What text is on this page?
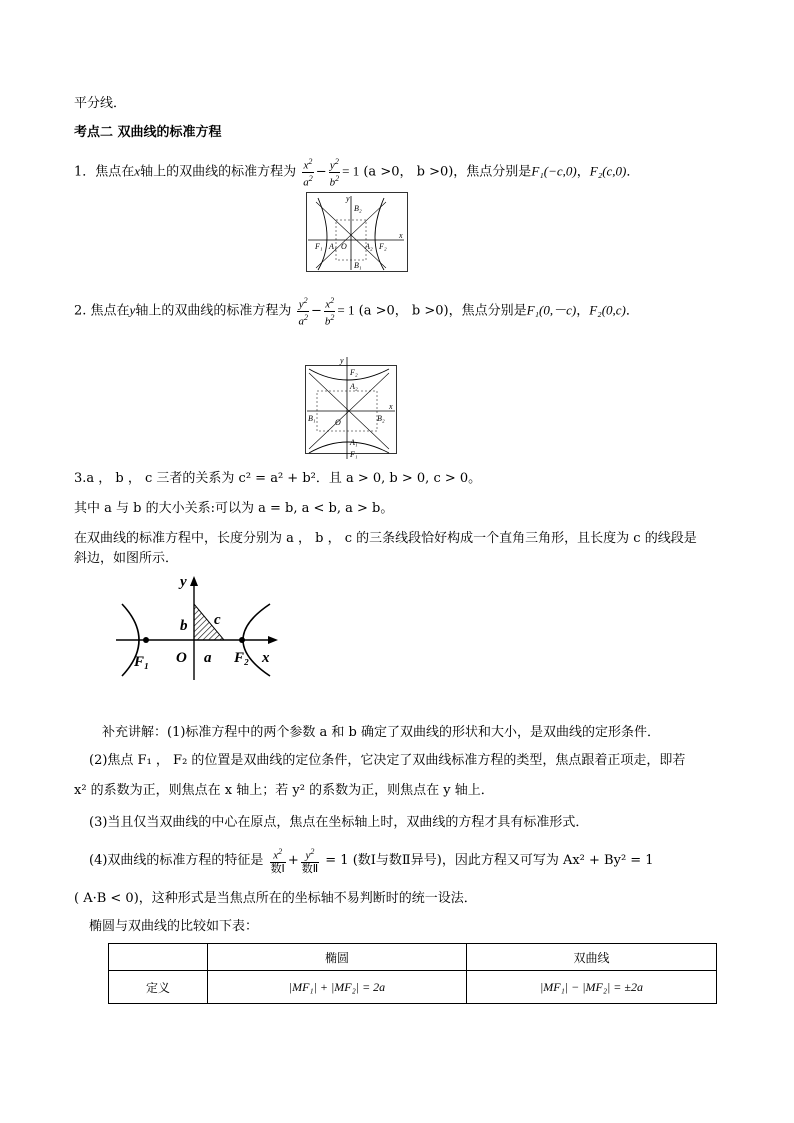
平分线．
考点二 双曲线的标准方程
1．焦点在x轴上的双曲线的标准方程为 $\frac{x^2}{a^2} - \frac{y^2}{b^2} = 1$ (a >0， b >0)，焦点分别是F₁(−c,0)，F₂(c,0)．
y
x
B₂
B₁
F₁ A₁ O A₂ F₂
2. 焦点在y轴上的双曲线的标准方程为 $\frac{y^2}{a^2} - \frac{x^2}{b^2} = 1$ (a >0， b >0)，焦点分别是F₁(0,－c)，F₂(0,c)．
y
x
F₂
A₂
B₁ O	B₂
A₁
F₁
3.a ， b ， c 三者的关系为 c² = a² + b²．且 a > 0, b > 0, c > 0。
其中 a 与 b 的大小关系:可以为 a = b, a < b, a > b。
在双曲线的标准方程中，长度分别为 a ， b ， c 的三条线段恰好构成一个直角三角形，且长度为 c 的线段是
斜边，如图所示．
y
x
b c
O a
F₁	F₂
补充讲解：(1)标准方程中的两个参数 a 和 b 确定了双曲线的形状和大小，是双曲线的定形条件．
(2)焦点 F₁ ， F₂ 的位置是双曲线的定位条件，它决定了双曲线标准方程的类型，焦点跟着正项走，即若
x² 的系数为正，则焦点在 x 轴上；若 y² 的系数为正，则焦点在 y 轴上．
(3)当且仅当双曲线的中心在原点，焦点在坐标轴上时，双曲线的方程才具有标准形式．
(4)双曲线的标准方程的特征是 $\frac{x^2}{\text{数Ⅰ}} + \frac{y^2}{\text{数Ⅱ}} = 1$ (数Ⅰ与数Ⅱ异号)，因此方程又可写为 Ax² + By² = 1
( A·B < 0)，这种形式是当焦点所在的坐标轴不易判断时的统一设法．
椭圆与双曲线的比较如下表：
	椭圆	双曲线
定义	|MF₁| + |MF₂| = 2a	|MF₁| − |MF₂| = ±2a
